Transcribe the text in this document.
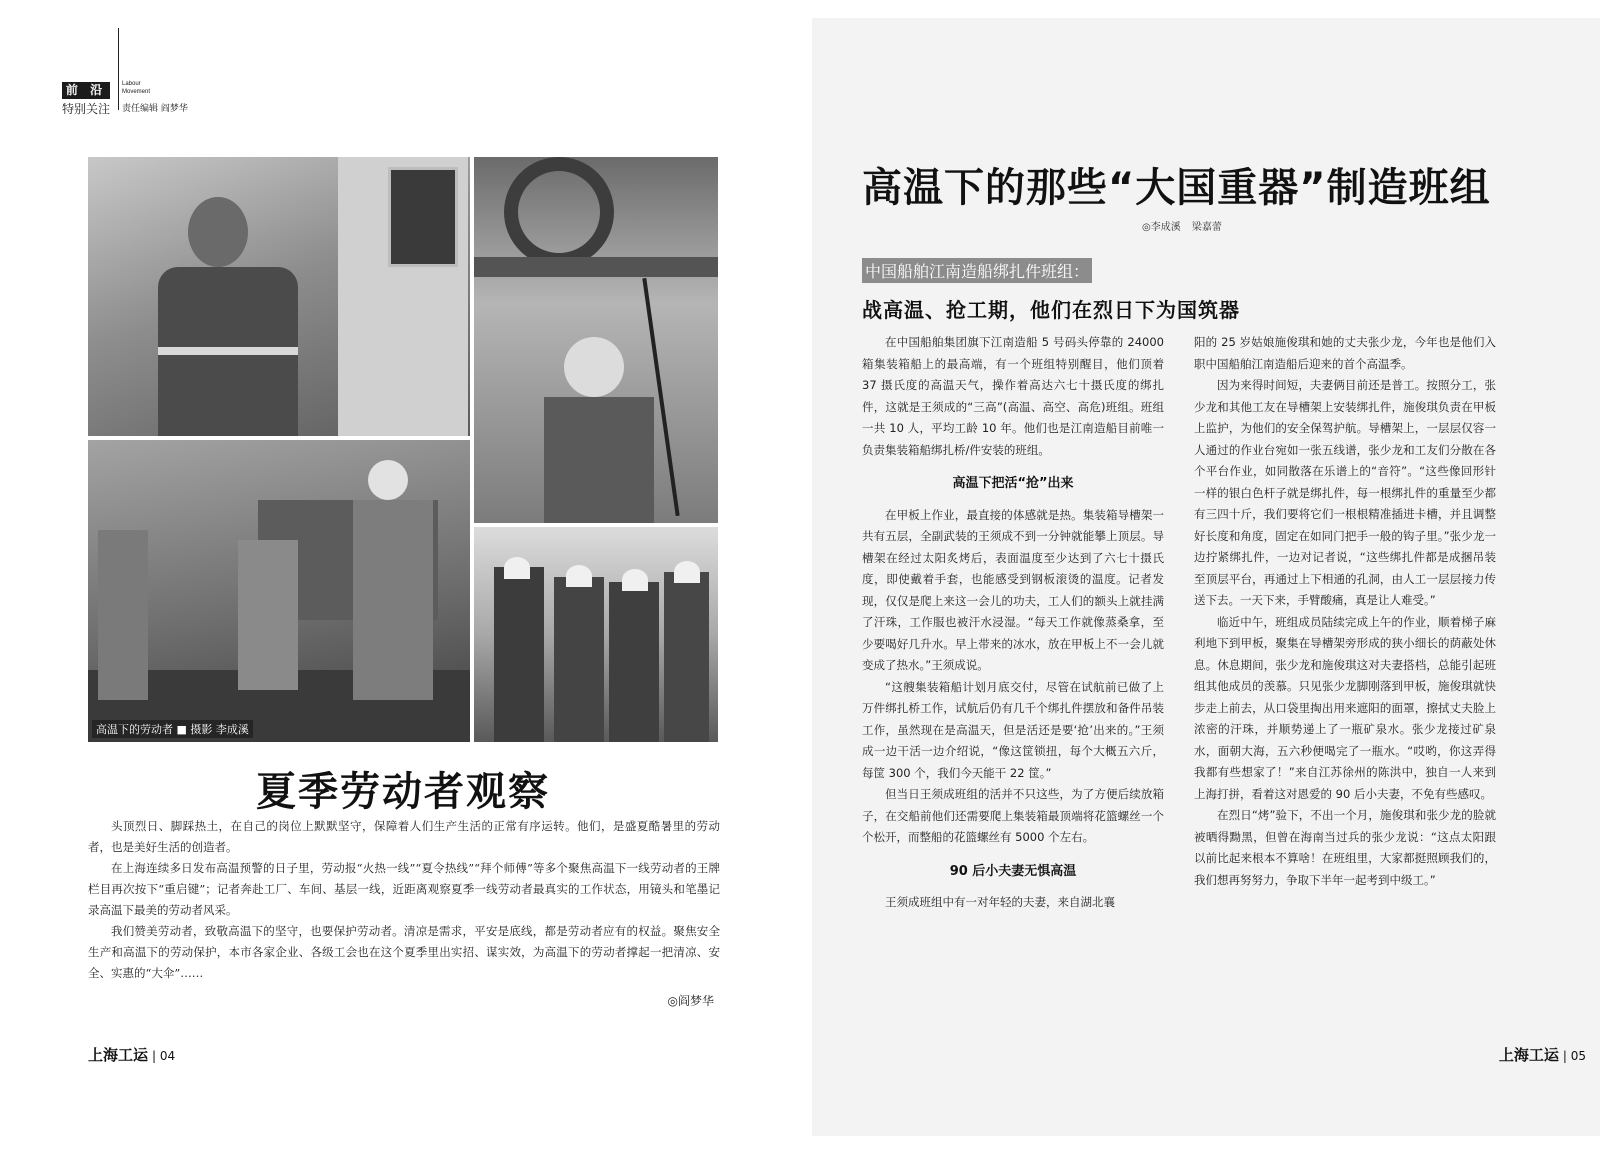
前 沿
特别关注
Labour Movement
责任编辑 阎梦华
高温下的劳动者 ■ 摄影 李成溪
夏季劳动者观察

头顶烈日、脚踩热土，在自己的岗位上默默坚守，保障着人们生产生活的正常有序运转。他们，是盛夏酷暑里的劳动者，也是美好生活的创造者。

在上海连续多日发布高温预警的日子里，劳动报“火热一线”“夏令热线”“拜个师傅”等多个聚焦高温下一线劳动者的王牌栏目再次按下“重启键”；记者奔赴工厂、车间、基层一线，近距离观察夏季一线劳动者最真实的工作状态，用镜头和笔墨记录高温下最美的劳动者风采。

我们赞美劳动者，致敬高温下的坚守，也要保护劳动者。清凉是需求，平安是底线，都是劳动者应有的权益。聚焦安全生产和高温下的劳动保护，本市各家企业、各级工会也在这个夏季里出实招、谋实效，为高温下的劳动者撑起一把清凉、安全、实惠的“大伞”……

◎阎梦华
上海工运 | 04
高温下的那些“大国重器”制造班组
◎李成溪 梁嘉蕾
中国船舶江南造船绑扎件班组：
战高温、抢工期，他们在烈日下为国筑器

在中国船舶集团旗下江南造船 5 号码头停靠的 24000 箱集装箱船上的最高端，有一个班组特别醒目，他们顶着 37 摄氏度的高温天气，操作着高达六七十摄氏度的绑扎件，这就是王须成的“三高”(高温、高空、高危)班组。班组一共 10 人，平均工龄 10 年。他们也是江南造船目前唯一负责集装箱船绑扎桥/件安装的班组。

高温下把活“抢”出来

在甲板上作业，最直接的体感就是热。集装箱导槽架一共有五层，全副武装的王须成不到一分钟就能攀上顶层。导槽架在经过太阳炙烤后，表面温度至少达到了六七十摄氏度，即使戴着手套，也能感受到钢板滚烫的温度。记者发现，仅仅是爬上来这一会儿的功夫，工人们的额头上就挂满了汗珠，工作服也被汗水浸湿。“每天工作就像蒸桑拿，至少要喝好几升水。早上带来的冰水，放在甲板上不一会儿就变成了热水。”王须成说。

“这艘集装箱船计划月底交付，尽管在试航前已做了上万件绑扎桥工作，试航后仍有几千个绑扎件摆放和备件吊装工作，虽然现在是高温天，但是活还是要‘抢’出来的。”王须成一边干活一边介绍说，“像这筐锁扭，每个大概五六斤，每筐 300 个，我们今天能干 22 筐。”

但当日王须成班组的活并不只这些，为了方便后续放箱子，在交船前他们还需要爬上集装箱最顶端将花篮螺丝一个个松开，而整船的花篮螺丝有 5000 个左右。

90 后小夫妻无惧高温

王须成班组中有一对年轻的夫妻，来自湖北襄

阳的 25 岁姑娘施俊琪和她的丈夫张少龙，今年也是他们入职中国船舶江南造船后迎来的首个高温季。

因为来得时间短，夫妻俩目前还是普工。按照分工，张少龙和其他工友在导槽架上安装绑扎件，施俊琪负责在甲板上监护，为他们的安全保驾护航。导槽架上，一层层仅容一人通过的作业台宛如一张五线谱，张少龙和工友们分散在各个平台作业，如同散落在乐谱上的“音符”。“这些像回形针一样的银白色杆子就是绑扎件，每一根绑扎件的重量至少都有三四十斤，我们要将它们一根根精准插进卡槽，并且调整好长度和角度，固定在如同门把手一般的钩子里。”张少龙一边拧紧绑扎件，一边对记者说，“这些绑扎件都是成捆吊装至顶层平台，再通过上下相通的孔洞，由人工一层层接力传送下去。一天下来，手臂酸痛，真是让人难受。”

临近中午，班组成员陆续完成上午的作业，顺着梯子麻利地下到甲板，聚集在导槽架旁形成的狭小细长的荫蔽处休息。休息期间，张少龙和施俊琪这对夫妻搭档，总能引起班组其他成员的羡慕。只见张少龙脚刚落到甲板，施俊琪就快步走上前去，从口袋里掏出用来遮阳的面罩，擦拭丈夫脸上浓密的汗珠，并顺势递上了一瓶矿泉水。张少龙接过矿泉水，面朝大海，五六秒便喝完了一瓶水。“哎哟，你这弄得我都有些想家了！”来自江苏徐州的陈洪中，独自一人来到上海打拼，看着这对恩爱的 90 后小夫妻，不免有些感叹。

在烈日“烤”验下，不出一个月，施俊琪和张少龙的脸就被晒得黝黑，但曾在海南当过兵的张少龙说：“这点太阳跟以前比起来根本不算啥！在班组里，大家都挺照顾我们的，我们想再努努力，争取下半年一起考到中级工。”

上海工运 | 05
